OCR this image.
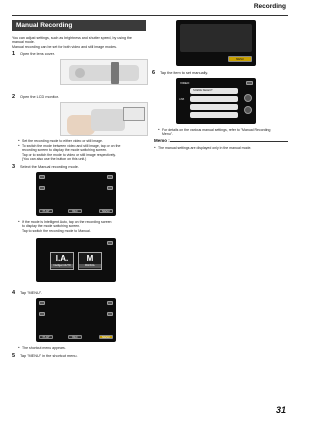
Recording
Manual Recording
You can adjust settings, such as brightness and shutter speed, by using the
manual mode.
Manual recording can be set for both video and still image modes.
1 Open the lens cover.
2 Open the LCD monitor.
● Set the recording mode to either video or still image.
● To switch the mode between video and still image, tap or on the
recording screen to display the mode switching screen.
Tap or to switch the mode to video or still image respectively.
(You can also use the button on this unit.)
3 Select the Manual recording mode.
PLAP	REC	MENU
● If the mode is Intelligent Auto, tap on the recording screen
to display the mode switching screen.
Tap to switch the recording mode to Manual.
I.A.
Intelligent AUTO
M
MANUAL
4 Tap "MENU".
PLAP	REC	MENU
● The shortcut menu appears.
5 Tap "MENU" in the shortcut menu.
MENU
6 Tap the item to set manually.
VIDEO
ASB
SCENE SELECT
● For details on the various manual settings, refer to "Manual Recording
Menu".
Memo :
● The manual settings are displayed only in the manual mode.
31
